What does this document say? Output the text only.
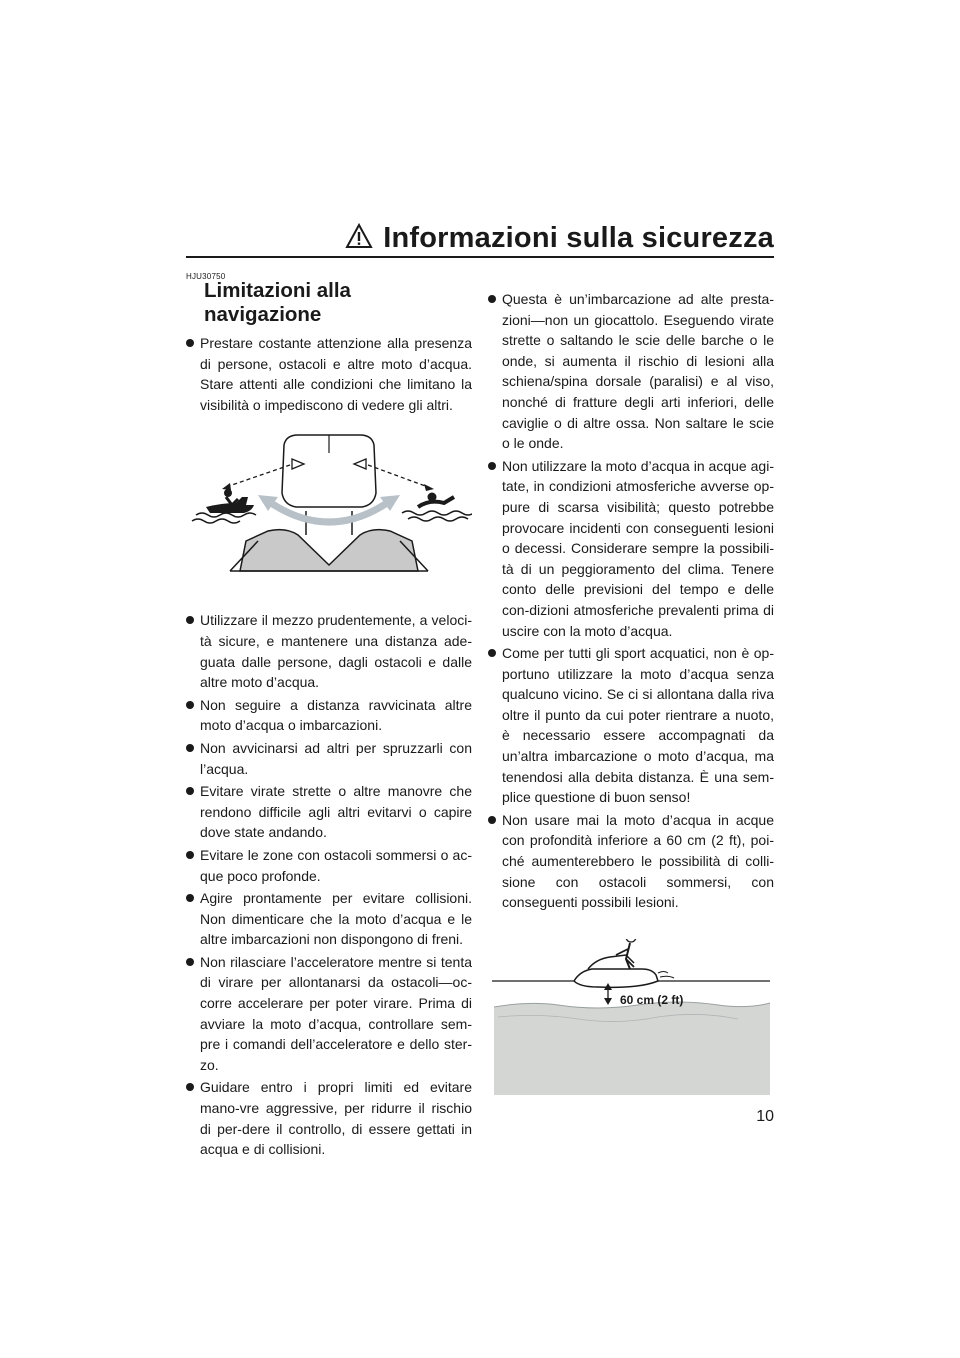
Informazioni sulla sicurezza
HJU30750
Limitazioni alla navigazione
Prestare costante attenzione alla presenza di persone, ostacoli e altre moto d’acqua. Stare attenti alle condizioni che limitano la visibilità o impediscono di vedere gli altri.
Utilizzare il mezzo prudentemente, a veloci-tà sicure, e mantenere una distanza ade-guata dalle persone, dagli ostacoli e dalle altre moto d’acqua.
Non seguire a distanza ravvicinata altre moto d’acqua o imbarcazioni.
Non avvicinarsi ad altri per spruzzarli con l’acqua.
Evitare virate strette o altre manovre che rendono difficile agli altri evitarvi o capire dove state andando.
Evitare le zone con ostacoli sommersi o ac-que poco profonde.
Agire prontamente per evitare collisioni. Non dimenticare che la moto d’acqua e le altre imbarcazioni non dispongono di freni.
Non rilasciare l’acceleratore mentre si tenta di virare per allontanarsi da ostacoli—oc-corre accelerare per poter virare. Prima di avviare la moto d’acqua, controllare sem-pre i comandi dell’acceleratore e dello ster-zo.
Guidare entro i propri limiti ed evitare mano-vre aggressive, per ridurre il rischio di per-dere il controllo, di essere gettati in acqua e di collisioni.
Questa è un’imbarcazione ad alte presta-zioni—non un giocattolo. Eseguendo virate strette o saltando le scie delle barche o le onde, si aumenta il rischio di lesioni alla schiena/spina dorsale (paralisi) e al viso, nonché di fratture degli arti inferiori, delle caviglie o di altre ossa. Non saltare le scie o le onde.
Non utilizzare la moto d’acqua in acque agi-tate, in condizioni atmosferiche avverse op-pure di scarsa visibilità; questo potrebbe provocare incidenti con conseguenti lesioni o decessi. Considerare sempre la possibili-tà di un peggioramento del clima. Tenere conto delle previsioni del tempo e delle con-dizioni atmosferiche prevalenti prima di uscire con la moto d’acqua.
Come per tutti gli sport acquatici, non è op-portuno utilizzare la moto d’acqua senza qualcuno vicino. Se ci si allontana dalla riva oltre il punto da cui poter rientrare a nuoto, è necessario essere accompagnati da un’altra imbarcazione o moto d’acqua, ma tenendosi alla debita distanza. È una sem-plice questione di buon senso!
Non usare mai la moto d’acqua in acque con profondità inferiore a 60 cm (2 ft), poi-ché aumenterebbero le possibilità di colli-sione con ostacoli sommersi, con conseguenti possibili lesioni.
60 cm (2 ft)
10
